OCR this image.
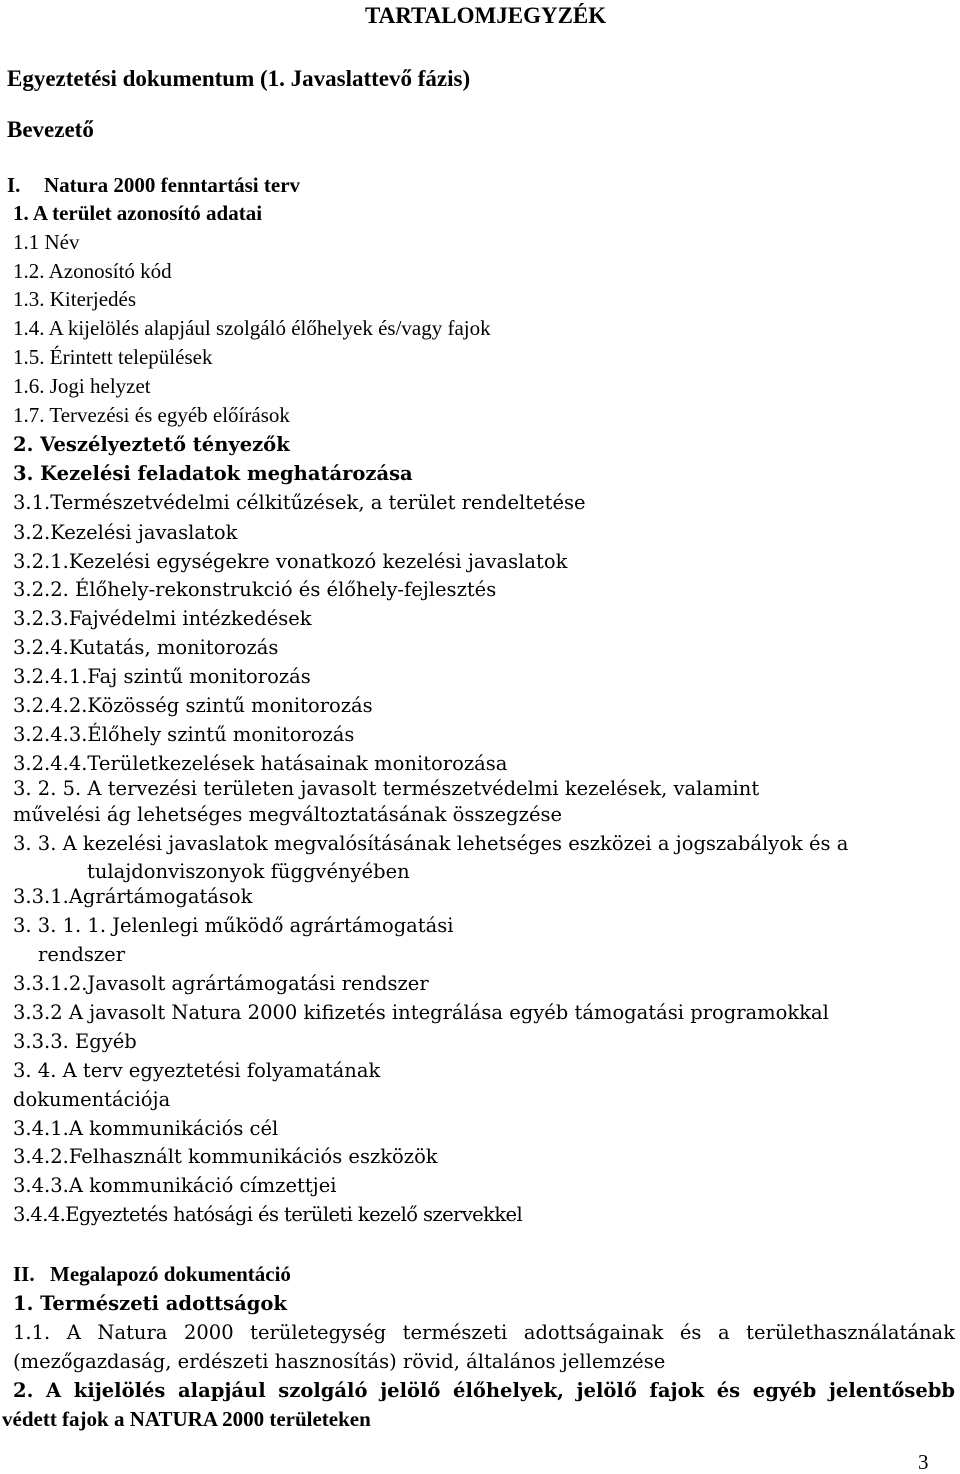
TARTALOMJEGYZÉK
Egyeztetési dokumentum (1. Javaslattevő fázis)
Bevezető
I. Natura 2000 fenntartási terv
1. A terület azonosító adatai
1.1 Név
1.2. Azonosító kód
1.3. Kiterjedés
1.4. A kijelölés alapjául szolgáló élőhelyek és/vagy fajok
1.5. Érintett települések
1.6. Jogi helyzet
1.7. Tervezési és egyéb előírások
2. Veszélyeztető tényezők
3. Kezelési feladatok meghatározása
3.1.Természetvédelmi célkitűzések, a terület rendeltetése
3.2.Kezelési javaslatok
3.2.1.Kezelési egységekre vonatkozó kezelési javaslatok
3.2.2. Élőhely-rekonstrukció és élőhely-fejlesztés
3.2.3.Fajvédelmi intézkedések
3.2.4.Kutatás, monitorozás
3.2.4.1.Faj szintű monitorozás
3.2.4.2.Közösség szintű monitorozás
3.2.4.3.Élőhely szintű monitorozás
3.2.4.4.Területkezelések hatásainak monitorozása
3. 2. 5. A tervezési területen javasolt természetvédelmi kezelések, valamint
művelési ág lehetséges megváltoztatásának összegzése
3. 3. A kezelési javaslatok megvalósításának lehetséges eszközei a jogszabályok és a
tulajdonviszonyok függvényében
3.3.1.Agrártámogatások
3. 3. 1. 1. Jelenlegi működő agrártámogatási
rendszer
3.3.1.2.Javasolt agrártámogatási rendszer
3.3.2 A javasolt Natura 2000 kifizetés integrálása egyéb támogatási programokkal
3.3.3. Egyéb
3. 4. A terv egyeztetési folyamatának
dokumentációja
3.4.1.A kommunikációs cél
3.4.2.Felhasznált kommunikációs eszközök
3.4.3.A kommunikáció címzettjei
3.4.4.Egyeztetés hatósági és területi kezelő szervekkel
II. Megalapozó dokumentáció
1. Természeti adottságok
1.1. A Natura 2000 területegység természeti adottságainak és a területhasználatának
(mezőgazdaság, erdészeti hasznosítás) rövid, általános jellemzése
2. A kijelölés alapjául szolgáló jelölő élőhelyek, jelölő fajok és egyéb jelentősebb
védett fajok a NATURA 2000 területeken
3
